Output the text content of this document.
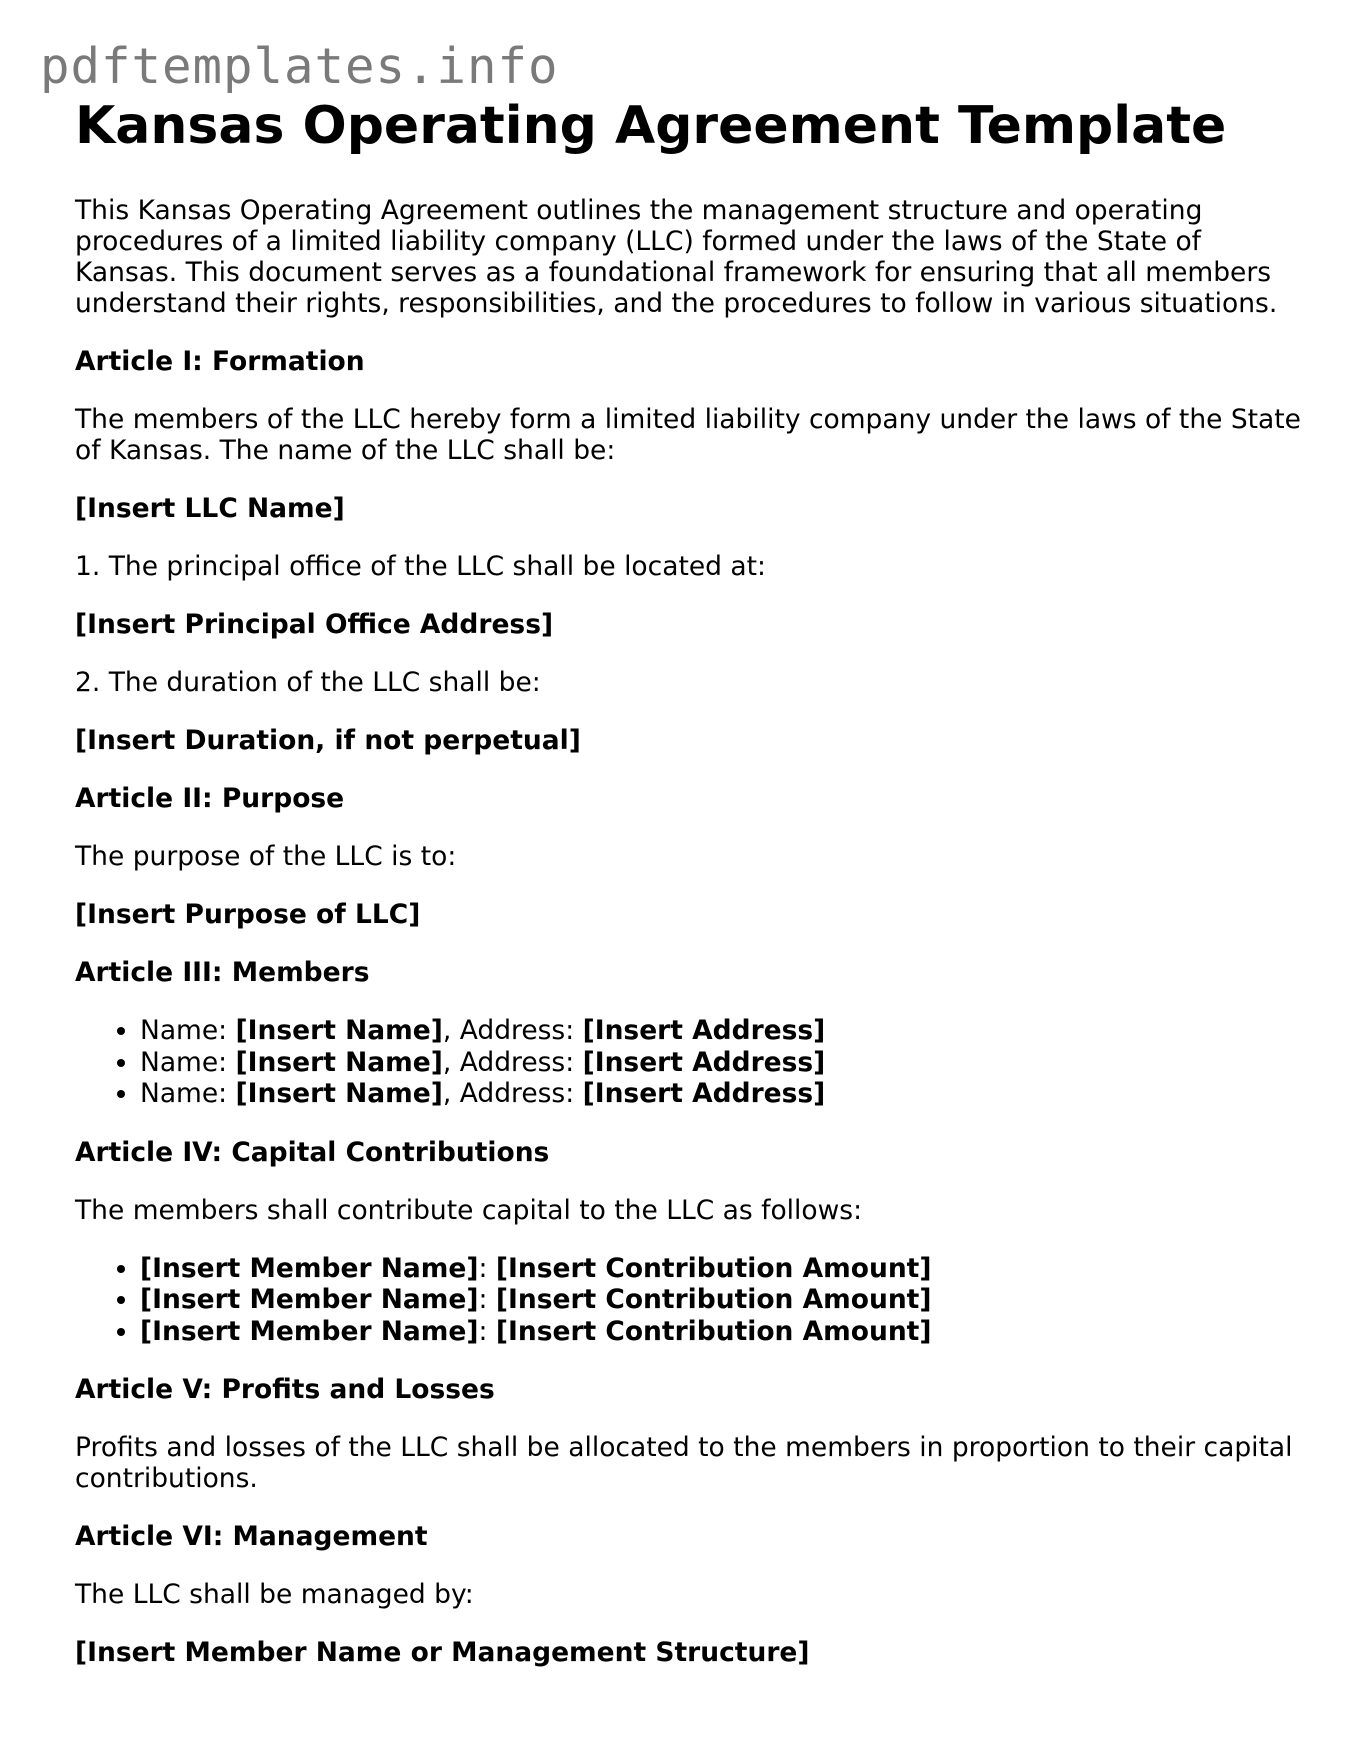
pdftemplates.info
Kansas Operating Agreement Template

This Kansas Operating Agreement outlines the management structure and operating procedures of a limited liability company (LLC) formed under the laws of the State of Kansas. This document serves as a foundational framework for ensuring that all members understand their rights, responsibilities, and the procedures to follow in various situations.

Article I: Formation

The members of the LLC hereby form a limited liability company under the laws of the State of Kansas. The name of the LLC shall be:

[Insert LLC Name]

1. The principal office of the LLC shall be located at:

[Insert Principal Office Address]

2. The duration of the LLC shall be:

[Insert Duration, if not perpetual]

Article II: Purpose

The purpose of the LLC is to:

[Insert Purpose of LLC]

Article III: Members

• Name: [Insert Name], Address: [Insert Address]
• Name: [Insert Name], Address: [Insert Address]
• Name: [Insert Name], Address: [Insert Address]

Article IV: Capital Contributions

The members shall contribute capital to the LLC as follows:

• [Insert Member Name]: [Insert Contribution Amount]
• [Insert Member Name]: [Insert Contribution Amount]
• [Insert Member Name]: [Insert Contribution Amount]

Article V: Profits and Losses

Profits and losses of the LLC shall be allocated to the members in proportion to their capital contributions.

Article VI: Management

The LLC shall be managed by:

[Insert Member Name or Management Structure]
